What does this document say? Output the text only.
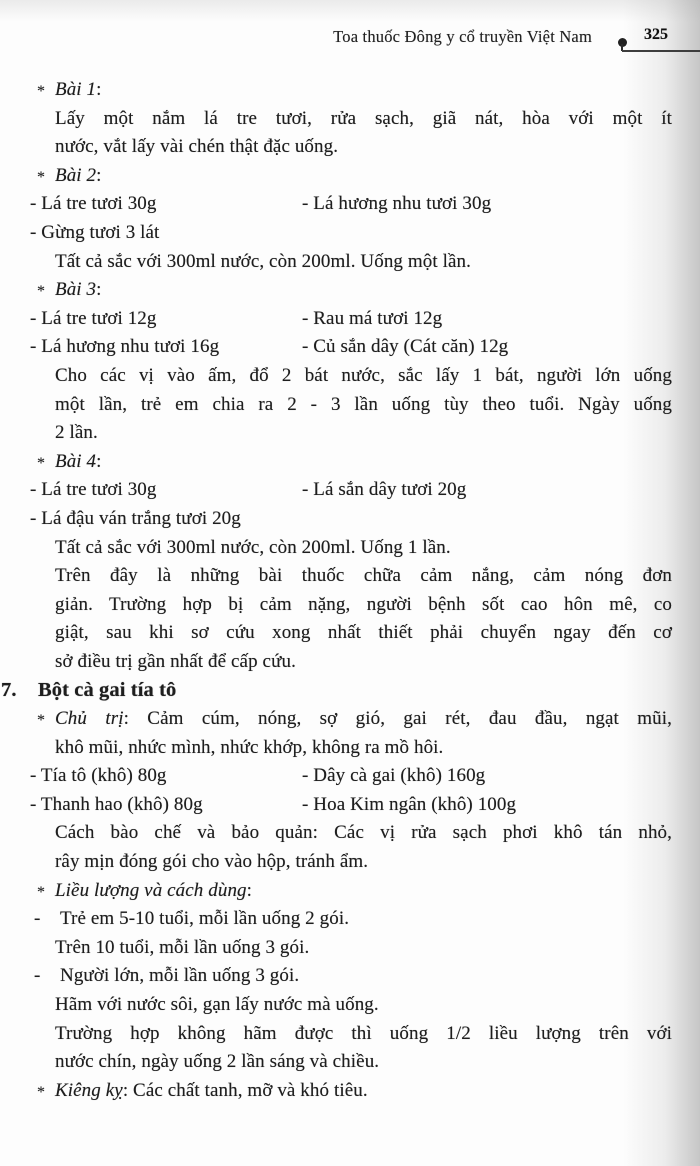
Toa thuốc Đông y cổ truyền Việt Nam	325
* Bài 1:
Lấy một nắm lá tre tươi, rửa sạch, giã nát, hòa với một ít
nước, vắt lấy vài chén thật đặc uống.
* Bài 2:
- Lá tre tươi 30g	- Lá hương nhu tươi 30g
- Gừng tươi 3 lát
Tất cả sắc với 300ml nước, còn 200ml. Uống một lần.
* Bài 3:
- Lá tre tươi 12g	- Rau má tươi 12g
- Lá hương nhu tươi 16g	- Củ sắn dây (Cát căn) 12g
Cho các vị vào ấm, đổ 2 bát nước, sắc lấy 1 bát, người lớn uống
một lần, trẻ em chia ra 2 - 3 lần uống tùy theo tuổi. Ngày uống
2 lần.
* Bài 4:
- Lá tre tươi 30g	- Lá sắn dây tươi 20g
- Lá đậu ván trắng tươi 20g
Tất cả sắc với 300ml nước, còn 200ml. Uống 1 lần.
Trên đây là những bài thuốc chữa cảm nắng, cảm nóng đơn
giản. Trường hợp bị cảm nặng, người bệnh sốt cao hôn mê, co
giật, sau khi sơ cứu xong nhất thiết phải chuyển ngay đến cơ
sở điều trị gần nhất để cấp cứu.
7. Bột cà gai tía tô
* Chủ trị: Cảm cúm, nóng, sợ gió, gai rét, đau đầu, ngạt mũi,
khô mũi, nhức mình, nhức khớp, không ra mồ hôi.
- Tía tô (khô) 80g	- Dây cà gai (khô) 160g
- Thanh hao (khô) 80g	- Hoa Kim ngân (khô) 100g
Cách bào chế và bảo quản: Các vị rửa sạch phơi khô tán nhỏ,
rây mịn đóng gói cho vào hộp, tránh ẩm.
* Liều lượng và cách dùng:
- Trẻ em 5-10 tuổi, mỗi lần uống 2 gói.
Trên 10 tuổi, mỗi lần uống 3 gói.
- Người lớn, mỗi lần uống 3 gói.
Hãm với nước sôi, gạn lấy nước mà uống.
Trường hợp không hãm được thì uống 1/2 liều lượng trên với
nước chín, ngày uống 2 lần sáng và chiều.
* Kiêng kỵ: Các chất tanh, mỡ và khó tiêu.
